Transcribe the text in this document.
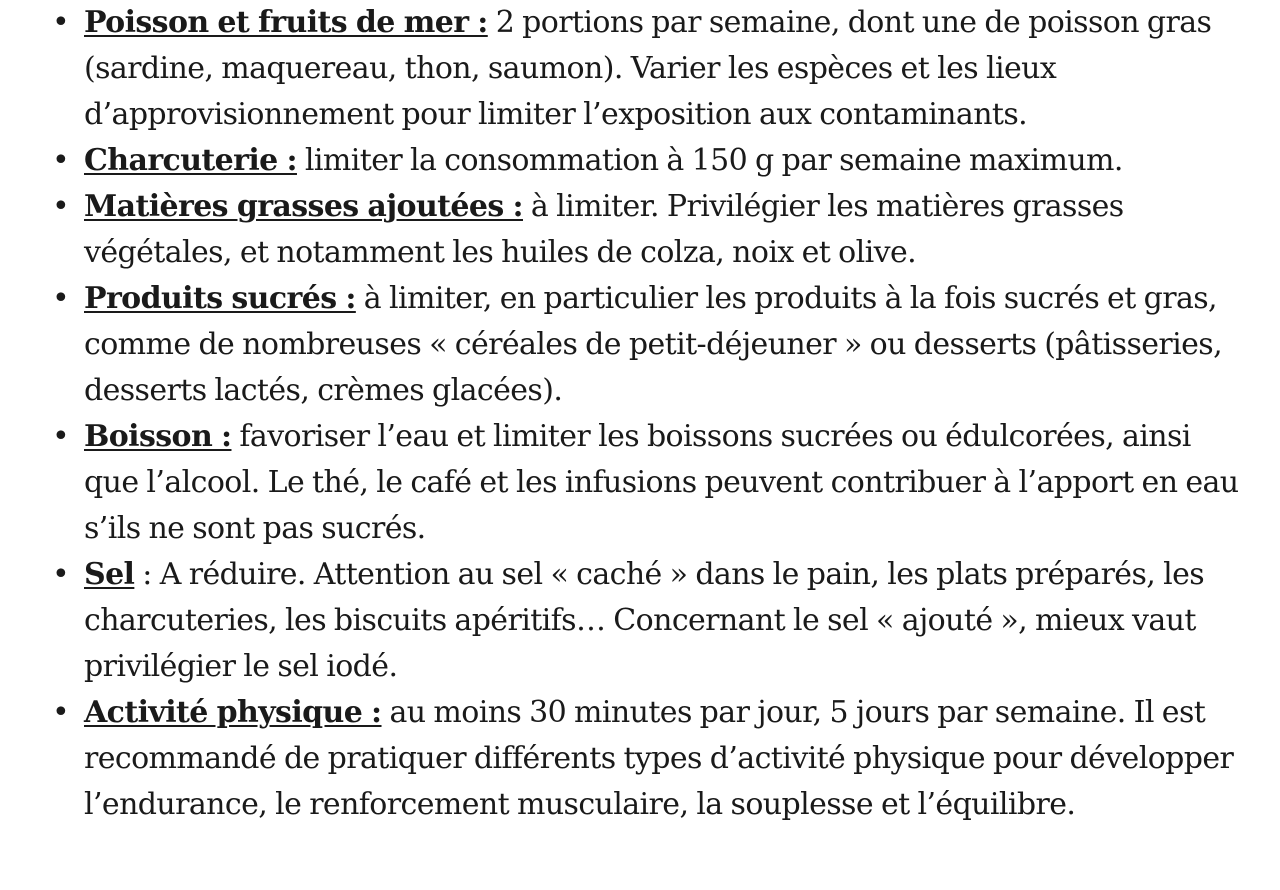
• Poisson et fruits de mer : 2 portions par semaine, dont une de poisson gras (sardine, maquereau, thon, saumon). Varier les espèces et les lieux d’approvisionnement pour limiter l’exposition aux contaminants.
• Charcuterie : limiter la consommation à 150 g par semaine maximum.
• Matières grasses ajoutées : à limiter. Privilégier les matières grasses végétales, et notamment les huiles de colza, noix et olive.
• Produits sucrés : à limiter, en particulier les produits à la fois sucrés et gras, comme de nombreuses « céréales de petit-déjeuner » ou desserts (pâtisseries, desserts lactés, crèmes glacées).
• Boisson : favoriser l’eau et limiter les boissons sucrées ou édulcorées, ainsi que l’alcool. Le thé, le café et les infusions peuvent contribuer à l’apport en eau s’ils ne sont pas sucrés.
• Sel : A réduire. Attention au sel « caché » dans le pain, les plats préparés, les charcuteries, les biscuits apéritifs… Concernant le sel « ajouté », mieux vaut privilégier le sel iodé.
• Activité physique : au moins 30 minutes par jour, 5 jours par semaine. Il est recommandé de pratiquer différents types d’activité physique pour développer l’endurance, le renforcement musculaire, la souplesse et l’équilibre.
